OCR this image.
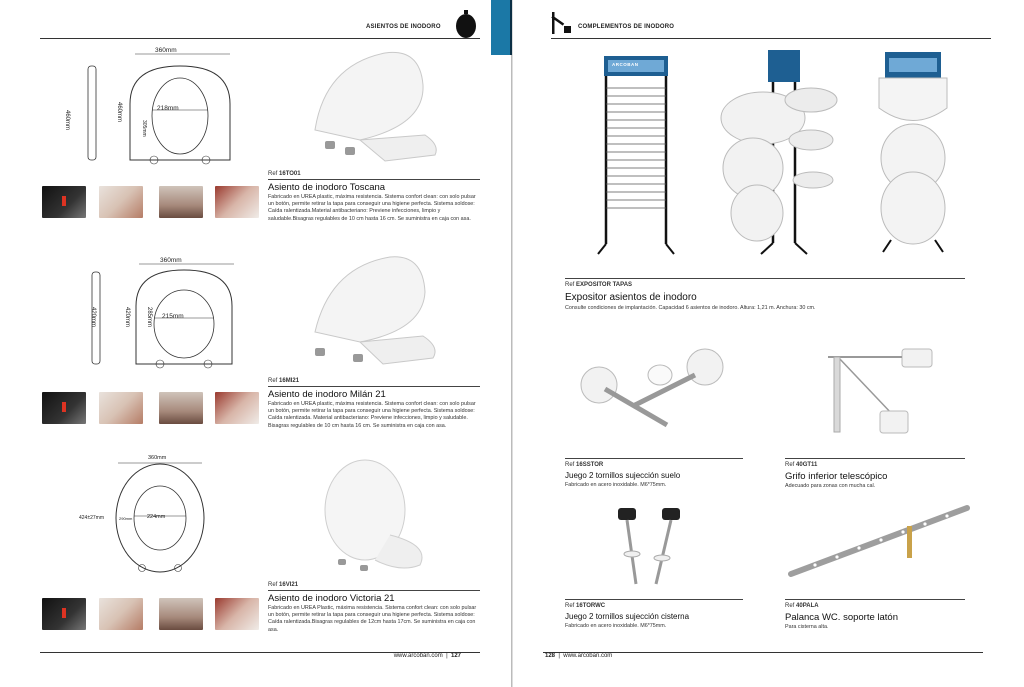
ASIENTOS DE INODORO
360mm
460mm	460mm
305mm
218mm
Ref 16TO01
Asiento de inodoro Toscana
Fabricado en UREA plastic, máxima resistencia. Sistema confort clean: con solo pulsar un botón, permite retirar la tapa para conseguir una higiene perfecta. Sistema soldose: Caída ralentizada.Material antibacteriano: Previene infecciones, limpio y saludable.Bisagras regulables de 10 cm hasta 16 cm. Se suministra en caja con asa.
360mm
420mm	420mm	285mm 215mm
Ref 16MI21
Asiento de inodoro Milán 21
Fabricado en UREA plastic, máxima resistencia. Sistema confort clean: con solo pulsar un botón, permite retirar la tapa para conseguir una higiene perfecta. Sistema soldose: Caída ralentizada. Material antibacteriano: Previene infecciones, limpio y saludable. Bisagras regulables de 10 cm hasta 16 cm. Se suministra en caja con asa.
360mm
424±27mm	290mm	224mm
Ref 16VI21
Asiento de inodoro Victoria 21
Fabricado en UREA Plastic, máxima resistencia. Sistema confort clean: con solo pulsar un botón, permite retirar la tapa para conseguir una higiene perfecta. Sistema soldose: Caída ralentizada.Bisagras regulables de 12cm hasta 17cm. Se suministra en caja con asa.
www.arcoban.com | 127
COMPLEMENTOS DE INODORO
ARCOBAN
Ref EXPOSITOR TAPAS
Expositor asientos de inodoro
Consulte condiciones de implantación. Capacidad 6 asientos de inodoro. Altura: 1,21 m. Anchura: 30 cm.
Ref 16SSTOR
Juego 2 tornillos sujección suelo
Fabricado en acero inoxidable. M6*75mm.
Ref 40GT11
Grifo inferior telescópico
Adecuado para zonas con mucha cal.
Ref 16TORWC
Juego 2 tornillos sujección cisterna
Fabricado en acero inoxidable. M6*75mm.
Ref 40PALA
Palanca WC. soporte latón
Para cisterna alta.
128 | www.arcoban.com
